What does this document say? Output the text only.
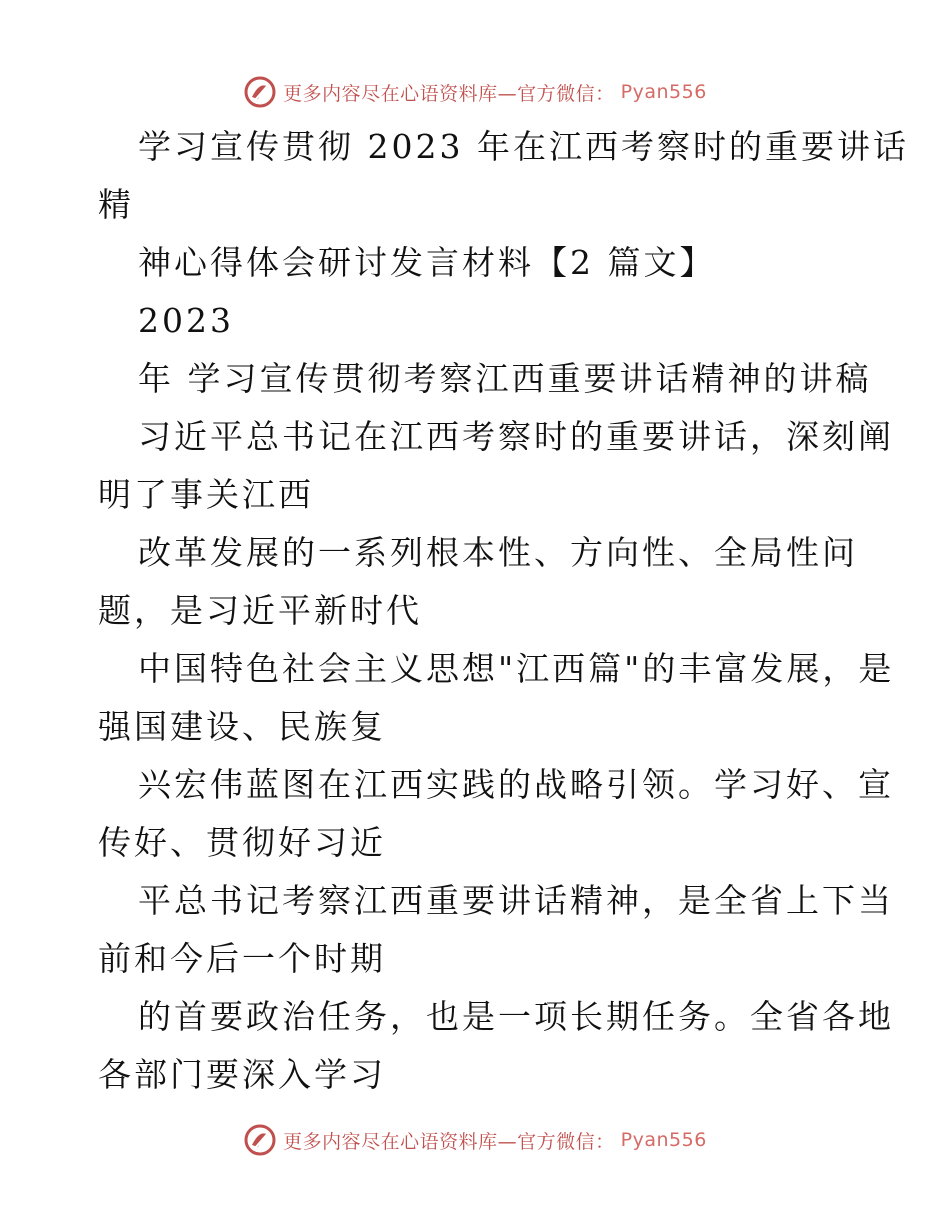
更多内容尽在心语资料库—官方微信： Pyan556
学习宣传贯彻 2023 年在江西考察时的重要讲话
精
神心得体会研讨发言材料【2 篇文】
2023
年 学习宣传贯彻考察江西重要讲话精神的讲稿
习近平总书记在江西考察时的重要讲话，深刻阐
明了事关江西
改革发展的一系列根本性、方向性、全局性问
题，是习近平新时代
中国特色社会主义思想"江西篇"的丰富发展，是
强国建设、民族复
兴宏伟蓝图在江西实践的战略引领。学习好、宣
传好、贯彻好习近
平总书记考察江西重要讲话精神，是全省上下当
前和今后一个时期
的首要政治任务，也是一项长期任务。全省各地
各部门要深入学习
更多内容尽在心语资料库—官方微信： Pyan556
